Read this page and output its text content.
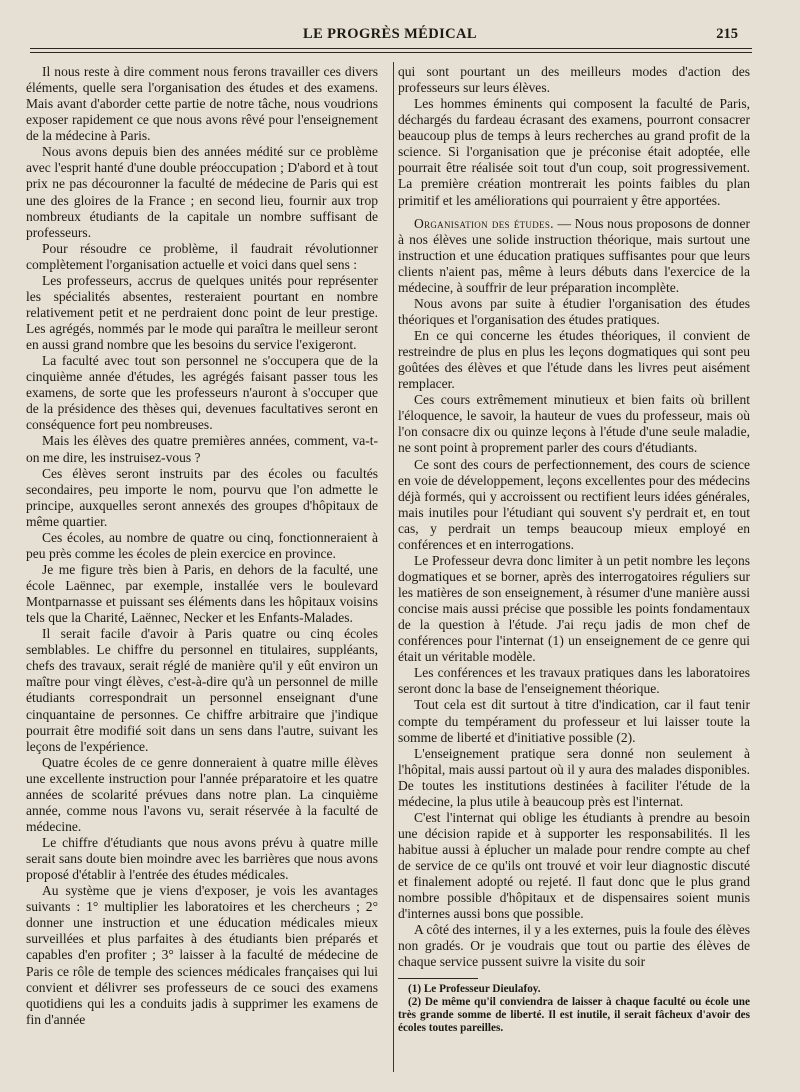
LE PROGRÈS MÉDICAL	215

Il nous reste à dire comment nous ferons travailler ces divers éléments, quelle sera l'organisation des études et des examens. Mais avant d'aborder cette partie de notre tâche, nous voudrions exposer rapidement ce que nous avons rêvé pour l'enseignement de la médecine à Paris.

Nous avons depuis bien des années médité sur ce problème avec l'esprit hanté d'une double préoccupation ; D'abord et à tout prix ne pas découronner la faculté de médecine de Paris qui est une des gloires de la France ; en second lieu, fournir aux trop nombreux étudiants de la capitale un nombre suffisant de professeurs.

Pour résoudre ce problème, il faudrait révolutionner complètement l'organisation actuelle et voici dans quel sens :

Les professeurs, accrus de quelques unités pour représenter les spécialités absentes, resteraient pourtant en nombre relativement petit et ne perdraient donc point de leur prestige. Les agrégés, nommés par le mode qui paraîtra le meilleur seront en aussi grand nombre que les besoins du service l'exigeront.

La faculté avec tout son personnel ne s'occupera que de la cinquième année d'études, les agrégés faisant passer tous les examens, de sorte que les professeurs n'auront à s'occuper que de la présidence des thèses qui, devenues facultatives seront en conséquence fort peu nombreuses.

Mais les élèves des quatre premières années, comment, va-t-on me dire, les instruisez-vous ?

Ces élèves seront instruits par des écoles ou facultés secondaires, peu importe le nom, pourvu que l'on admette le principe, auxquelles seront annexés des groupes d'hôpitaux de même quartier.

Ces écoles, au nombre de quatre ou cinq, fonctionneraient à peu près comme les écoles de plein exercice en province.

Je me figure très bien à Paris, en dehors de la faculté, une école Laënnec, par exemple, installée vers le boulevard Montparnasse et puissant ses éléments dans les hôpitaux voisins tels que la Charité, Laënnec, Necker et les Enfants-Malades.

Il serait facile d'avoir à Paris quatre ou cinq écoles semblables. Le chiffre du personnel en titulaires, suppléants, chefs des travaux, serait réglé de manière qu'il y eût environ un maître pour vingt élèves, c'est-à-dire qu'à un personnel de mille étudiants correspondrait un personnel enseignant d'une cinquantaine de personnes. Ce chiffre arbitraire que j'indique pourrait être modifié soit dans un sens dans l'autre, suivant les leçons de l'expérience.

Quatre écoles de ce genre donneraient à quatre mille élèves une excellente instruction pour l'année préparatoire et les quatre années de scolarité prévues dans notre plan. La cinquième année, comme nous l'avons vu, serait réservée à la faculté de médecine.

Le chiffre d'étudiants que nous avons prévu à quatre mille serait sans doute bien moindre avec les barrières que nous avons proposé d'établir à l'entrée des études médicales.

Au système que je viens d'exposer, je vois les avantages suivants : 1° multiplier les laboratoires et les chercheurs ; 2° donner une instruction et une éducation médicales mieux surveillées et plus parfaites à des étudiants bien préparés et capables d'en profiter ; 3° laisser à la faculté de médecine de Paris ce rôle de temple des sciences médicales françaises qui lui convient et délivrer ses professeurs de ce souci des examens quotidiens qui les a conduits jadis à supprimer les examens de fin d'année

qui sont pourtant un des meilleurs modes d'action des professeurs sur leurs élèves.

Les hommes éminents qui composent la faculté de Paris, déchargés du fardeau écrasant des examens, pourront consacrer beaucoup plus de temps à leurs recherches au grand profit de la science. Si l'organisation que je préconise était adoptée, elle pourrait être réalisée soit tout d'un coup, soit progressivement. La première création montrerait les points faibles du plan primitif et les améliorations qui pourraient y être apportées.

Organisation des études. — Nous nous proposons de donner à nos élèves une solide instruction théorique, mais surtout une instruction et une éducation pratiques suffisantes pour que leurs clients n'aient pas, même à leurs débuts dans l'exercice de la médecine, à souffrir de leur préparation incomplète.

Nous avons par suite à étudier l'organisation des études théoriques et l'organisation des études pratiques.

En ce qui concerne les études théoriques, il convient de restreindre de plus en plus les leçons dogmatiques qui sont peu goûtées des élèves et que l'étude dans les livres peut aisément remplacer.

Ces cours extrêmement minutieux et bien faits où brillent l'éloquence, le savoir, la hauteur de vues du professeur, mais où l'on consacre dix ou quinze leçons à l'étude d'une seule maladie, ne sont point à proprement parler des cours d'étudiants.

Ce sont des cours de perfectionnement, des cours de science en voie de développement, leçons excellentes pour des médecins déjà formés, qui y accroissent ou rectifient leurs idées générales, mais inutiles pour l'étudiant qui souvent s'y perdrait et, en tout cas, y perdrait un temps beaucoup mieux employé en conférences et en interrogations.

Le Professeur devra donc limiter à un petit nombre les leçons dogmatiques et se borner, après des interrogatoires réguliers sur les matières de son enseignement, à résumer d'une manière aussi concise mais aussi précise que possible les points fondamentaux de la question à l'étude. J'ai reçu jadis de mon chef de conférences pour l'internat (1) un enseignement de ce genre qui était un véritable modèle.

Les conférences et les travaux pratiques dans les laboratoires seront donc la base de l'enseignement théorique.

Tout cela est dit surtout à titre d'indication, car il faut tenir compte du tempérament du professeur et lui laisser toute la somme de liberté et d'initiative possible (2).

L'enseignement pratique sera donné non seulement à l'hôpital, mais aussi partout où il y aura des malades disponibles. De toutes les institutions destinées à faciliter l'étude de la médecine, la plus utile à beaucoup près est l'internat.

C'est l'internat qui oblige les étudiants à prendre au besoin une décision rapide et à supporter les responsabilités. Il les habitue aussi à éplucher un malade pour rendre compte au chef de service de ce qu'ils ont trouvé et voir leur diagnostic discuté et finalement adopté ou rejeté. Il faut donc que le plus grand nombre possible d'hôpitaux et de dispensaires soient munis d'internes aussi bons que possible.

A côté des internes, il y a les externes, puis la foule des élèves non gradés. Or je voudrais que tout ou partie des élèves de chaque service pussent suivre la visite du soir

(1) Le Professeur Dieulafoy.

(2) De même qu'il conviendra de laisser à chaque faculté ou école une très grande somme de liberté. Il est inutile, il serait fâcheux d'avoir des écoles toutes pareilles.
